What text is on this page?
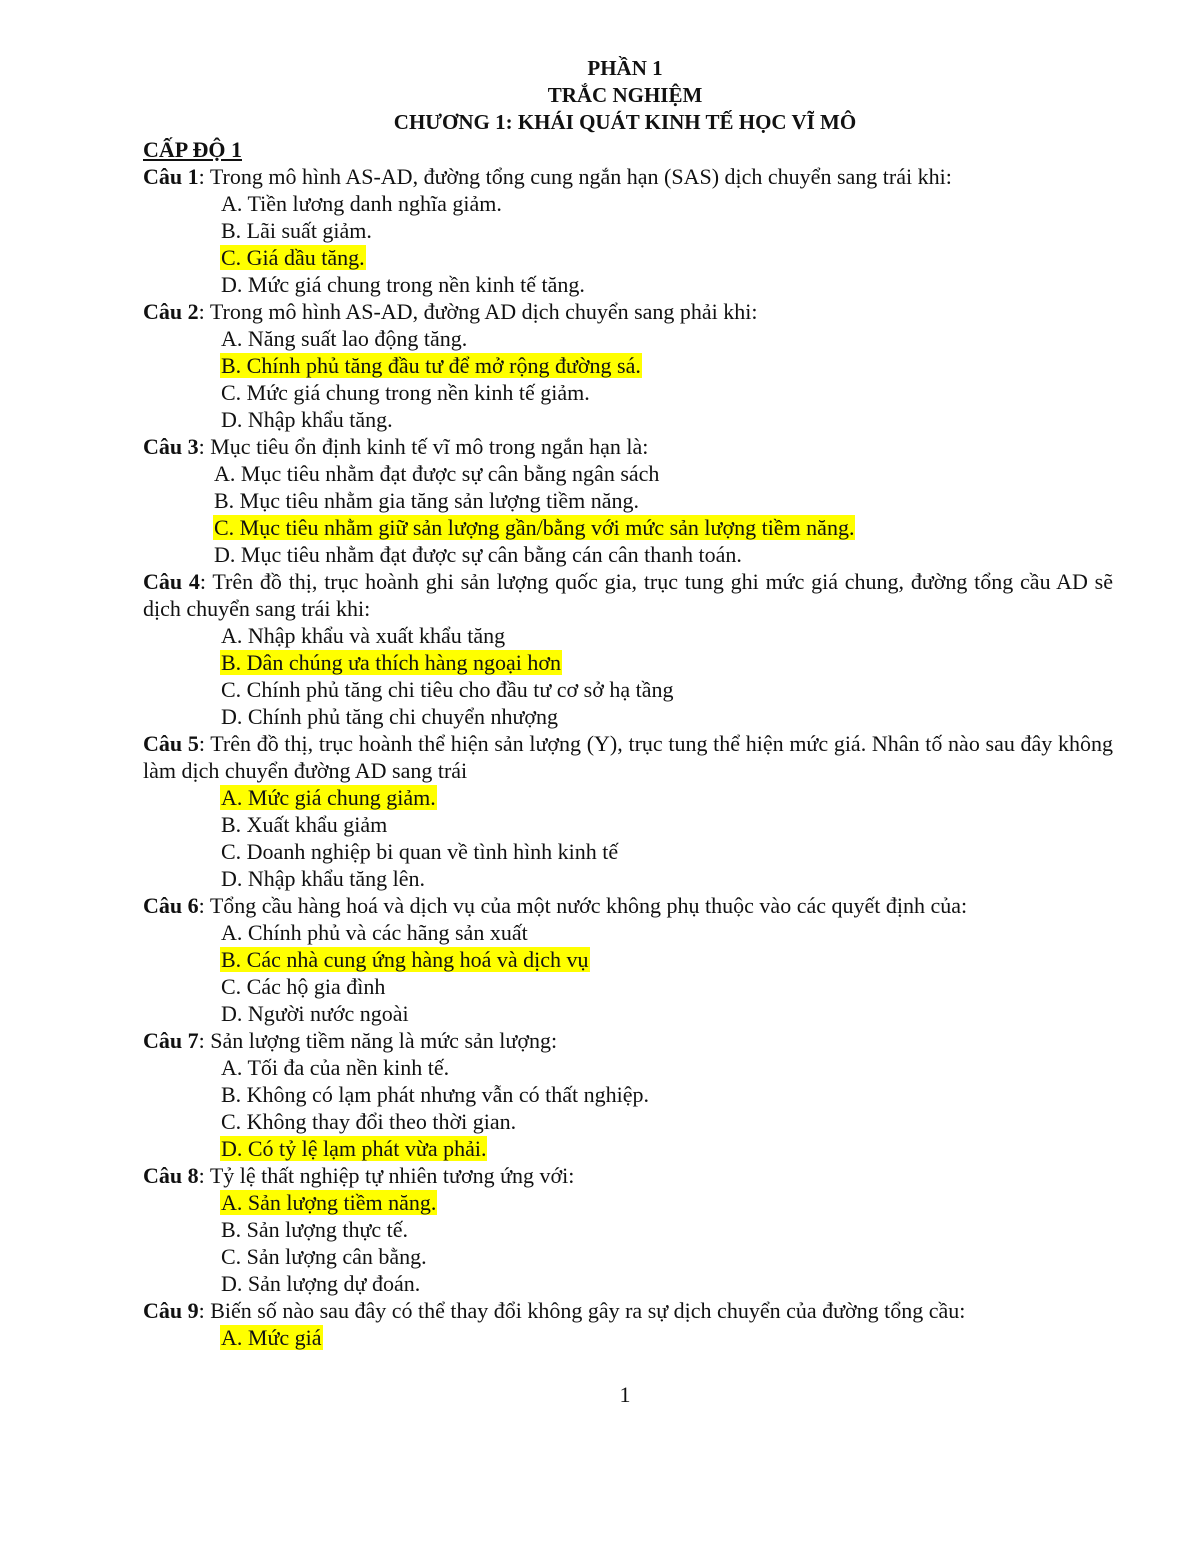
PHẦN 1
TRẮC NGHIỆM
CHƯƠNG 1: KHÁI QUÁT KINH TẾ HỌC VĨ MÔ
CẤP ĐỘ 1
Câu 1: Trong mô hình AS-AD, đường tổng cung ngắn hạn (SAS) dịch chuyển sang trái khi:
A. Tiền lương danh nghĩa giảm.
B. Lãi suất giảm.
C. Giá dầu tăng.
D. Mức giá chung trong nền kinh tế tăng.
Câu 2: Trong mô hình AS-AD, đường AD dịch chuyển sang phải khi:
A. Năng suất lao động tăng.
B. Chính phủ tăng đầu tư để mở rộng đường sá.
C. Mức giá chung trong nền kinh tế giảm.
D. Nhập khẩu tăng.
Câu 3: Mục tiêu ổn định kinh tế vĩ mô trong ngắn hạn là:
A. Mục tiêu nhằm đạt được sự cân bằng ngân sách
B. Mục tiêu nhằm gia tăng sản lượng tiềm năng.
C. Mục tiêu nhằm giữ sản lượng gần/bằng với mức sản lượng tiềm năng.
D. Mục tiêu nhằm đạt được sự cân bằng cán cân thanh toán.
Câu 4: Trên đồ thị, trục hoành ghi sản lượng quốc gia, trục tung ghi mức giá chung, đường tổng cầu AD sẽ dịch chuyển sang trái khi:
A. Nhập khẩu và xuất khẩu tăng
B. Dân chúng ưa thích hàng ngoại hơn
C. Chính phủ tăng chi tiêu cho đầu tư cơ sở hạ tầng
D. Chính phủ tăng chi chuyển nhượng
Câu 5: Trên đồ thị, trục hoành thể hiện sản lượng (Y), trục tung thể hiện mức giá. Nhân tố nào sau đây không làm dịch chuyển đường AD sang trái
A. Mức giá chung giảm.
B. Xuất khẩu giảm
C. Doanh nghiệp bi quan về tình hình kinh tế
D. Nhập khẩu tăng lên.
Câu 6: Tổng cầu hàng hoá và dịch vụ của một nước không phụ thuộc vào các quyết định của:
A. Chính phủ và các hãng sản xuất
B. Các nhà cung ứng hàng hoá và dịch vụ
C. Các hộ gia đình
D. Người nước ngoài
Câu 7: Sản lượng tiềm năng là mức sản lượng:
A. Tối đa của nền kinh tế.
B. Không có lạm phát nhưng vẫn có thất nghiệp.
C. Không thay đổi theo thời gian.
D. Có tỷ lệ lạm phát vừa phải.
Câu 8: Tỷ lệ thất nghiệp tự nhiên tương ứng với:
A. Sản lượng tiềm năng.
B. Sản lượng thực tế.
C. Sản lượng cân bằng.
D. Sản lượng dự đoán.
Câu 9: Biến số nào sau đây có thể thay đổi không gây ra sự dịch chuyển của đường tổng cầu:
A. Mức giá
1
